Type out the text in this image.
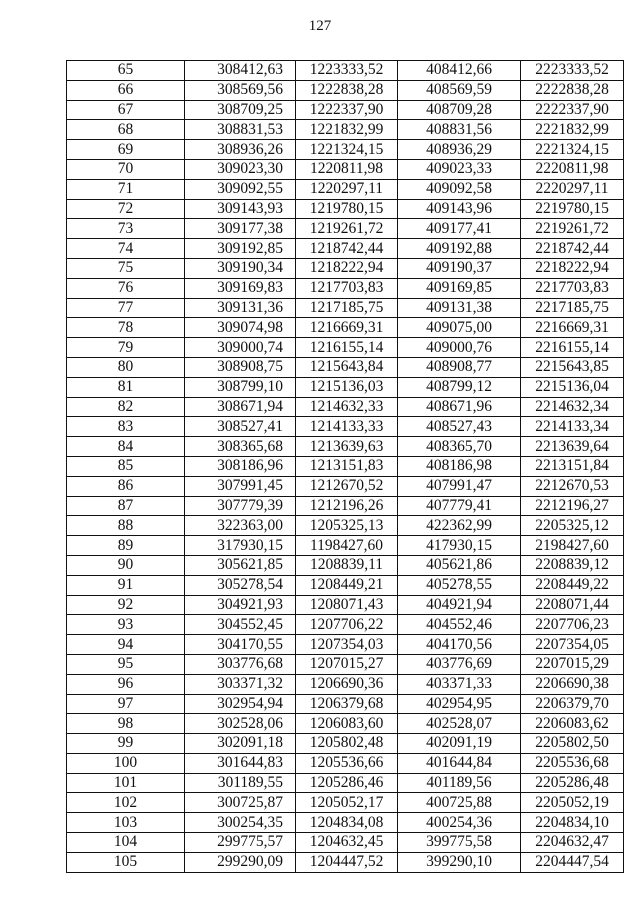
127
65	308412,63	1223333,52	408412,66	2223333,52
66	308569,56	1222838,28	408569,59	2222838,28
67	308709,25	1222337,90	408709,28	2222337,90
68	308831,53	1221832,99	408831,56	2221832,99
69	308936,26	1221324,15	408936,29	2221324,15
70	309023,30	1220811,98	409023,33	2220811,98
71	309092,55	1220297,11	409092,58	2220297,11
72	309143,93	1219780,15	409143,96	2219780,15
73	309177,38	1219261,72	409177,41	2219261,72
74	309192,85	1218742,44	409192,88	2218742,44
75	309190,34	1218222,94	409190,37	2218222,94
76	309169,83	1217703,83	409169,85	2217703,83
77	309131,36	1217185,75	409131,38	2217185,75
78	309074,98	1216669,31	409075,00	2216669,31
79	309000,74	1216155,14	409000,76	2216155,14
80	308908,75	1215643,84	408908,77	2215643,85
81	308799,10	1215136,03	408799,12	2215136,04
82	308671,94	1214632,33	408671,96	2214632,34
83	308527,41	1214133,33	408527,43	2214133,34
84	308365,68	1213639,63	408365,70	2213639,64
85	308186,96	1213151,83	408186,98	2213151,84
86	307991,45	1212670,52	407991,47	2212670,53
87	307779,39	1212196,26	407779,41	2212196,27
88	322363,00	1205325,13	422362,99	2205325,12
89	317930,15	1198427,60	417930,15	2198427,60
90	305621,85	1208839,11	405621,86	2208839,12
91	305278,54	1208449,21	405278,55	2208449,22
92	304921,93	1208071,43	404921,94	2208071,44
93	304552,45	1207706,22	404552,46	2207706,23
94	304170,55	1207354,03	404170,56	2207354,05
95	303776,68	1207015,27	403776,69	2207015,29
96	303371,32	1206690,36	403371,33	2206690,38
97	302954,94	1206379,68	402954,95	2206379,70
98	302528,06	1206083,60	402528,07	2206083,62
99	302091,18	1205802,48	402091,19	2205802,50
100	301644,83	1205536,66	401644,84	2205536,68
101	301189,55	1205286,46	401189,56	2205286,48
102	300725,87	1205052,17	400725,88	2205052,19
103	300254,35	1204834,08	400254,36	2204834,10
104	299775,57	1204632,45	399775,58	2204632,47
105	299290,09	1204447,52	399290,10	2204447,54
